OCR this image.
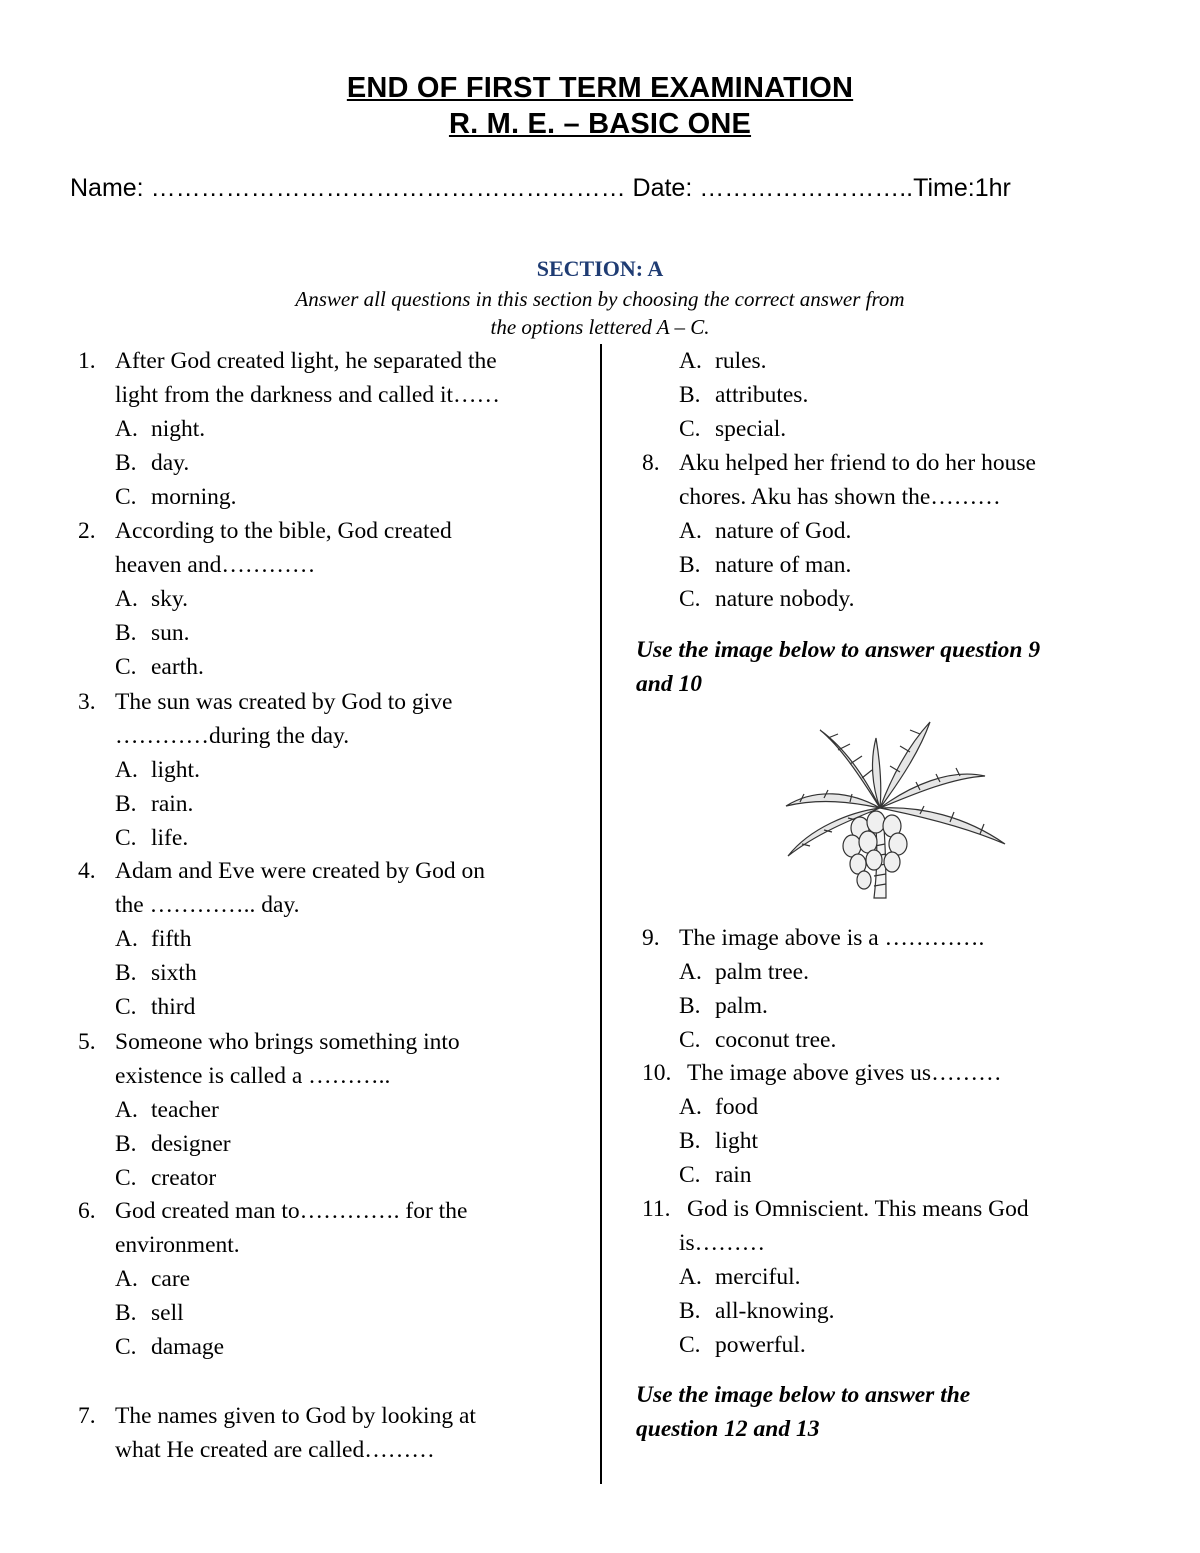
END OF FIRST TERM EXAMINATION
R. M. E. – BASIC ONE
Name: ………………………………………………… Date: ……………………..Time:1hr
SECTION: A
Answer all questions in this section by choosing the correct answer from
the options lettered A – C.
1. After God created light, he separated the
light from the darkness and called it……
A. night.
B. day.
C. morning.
2. According to the bible, God created
heaven and…………
A. sky.
B. sun.
C. earth.
3. The sun was created by God to give
…………during the day.
A. light.
B. rain.
C. life.
4. Adam and Eve were created by God on
the ………….. day.
A. fifth
B. sixth
C. third
5. Someone who brings something into
existence is called a ………..
A. teacher
B. designer
C. creator
6. God created man to…………. for the
environment.
A. care
B. sell
C. damage
7. The names given to God by looking at
what He created are called………
A. rules.
B. attributes.
C. special.
8. Aku helped her friend to do her house
chores. Aku has shown the………
A. nature of God.
B. nature of man.
C. nature nobody.
Use the image below to answer question 9
and 10
9. The image above is a ………….
A. palm tree.
B. palm.
C. coconut tree.
10. The image above gives us………
A. food
B. light
C. rain
11. God is Omniscient. This means God
is………
A. merciful.
B. all-knowing.
C. powerful.
Use the image below to answer the
question 12 and 13
